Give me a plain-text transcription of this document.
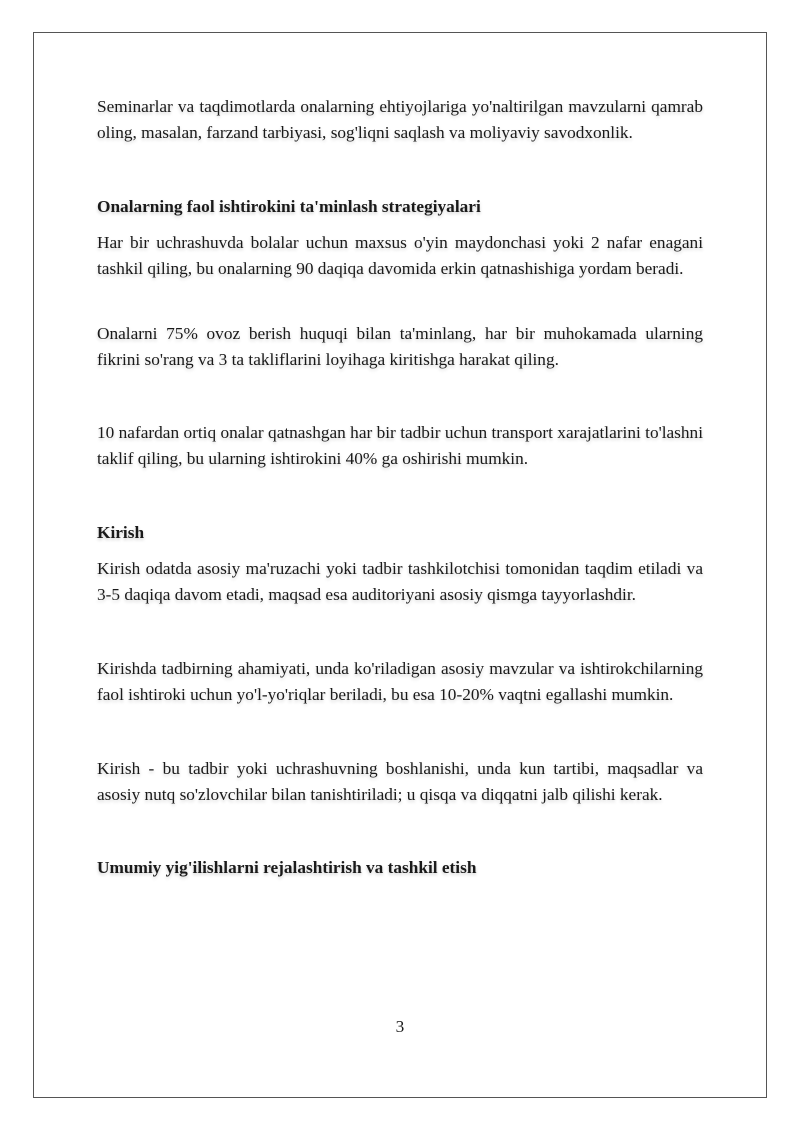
Seminarlar va taqdimotlarda onalarning ehtiyojlariga yo'naltirilgan mavzularni qamrab oling, masalan, farzand tarbiyasi, sog'liqni saqlash va moliyaviy savodxonlik.

Onalarning faol ishtirokini ta'minlash strategiyalari

Har bir uchrashuvda bolalar uchun maxsus o'yin maydonchasi yoki 2 nafar enagani tashkil qiling, bu onalarning 90 daqiqa davomida erkin qatnashishiga yordam beradi.

Onalarni 75% ovoz berish huquqi bilan ta'minlang, har bir muhokamada ularning fikrini so'rang va 3 ta takliflarini loyihaga kiritishga harakat qiling.

10 nafardan ortiq onalar qatnashgan har bir tadbir uchun transport xarajatlarini to'lashni taklif qiling, bu ularning ishtirokini 40% ga oshirishi mumkin.

Kirish

Kirish odatda asosiy ma'ruzachi yoki tadbir tashkilotchisi tomonidan taqdim etiladi va 3-5 daqiqa davom etadi, maqsad esa auditoriyani asosiy qismga tayyorlashdir.

Kirishda tadbirning ahamiyati, unda ko'riladigan asosiy mavzular va ishtirokchilarning faol ishtiroki uchun yo'l-yo'riqlar beriladi, bu esa 10-20% vaqtni egallashi mumkin.

Kirish - bu tadbir yoki uchrashuvning boshlanishi, unda kun tartibi, maqsadlar va asosiy nutq so'zlovchilar bilan tanishtiriladi; u qisqa va diqqatni jalb qilishi kerak.

Umumiy yig'ilishlarni rejalashtirish va tashkil etish

3
